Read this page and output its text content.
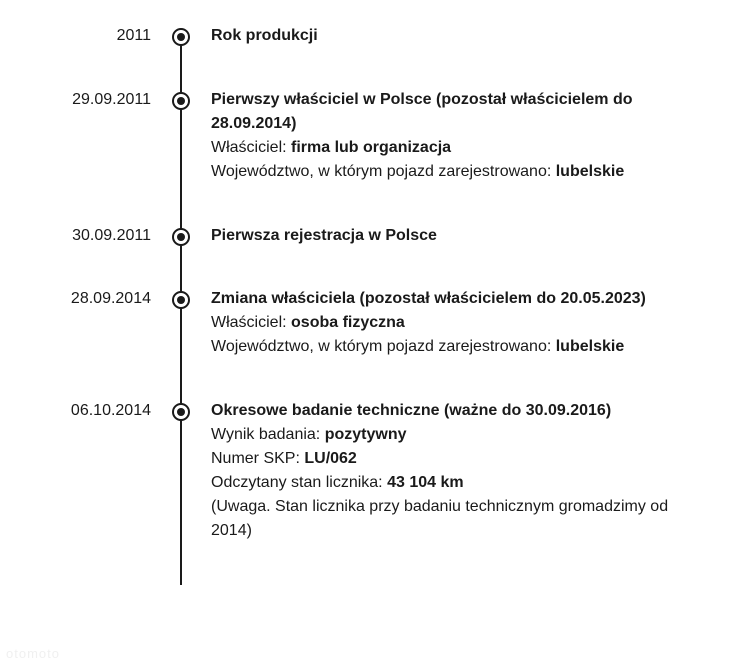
2011	Rok produkcji
29.09.2011	Pierwszy właściciel w Polsce (pozostał właścicielem do 28.09.2014)
Właściciel: firma lub organizacja
Województwo, w którym pojazd zarejestrowano: lubelskie
30.09.2011	Pierwsza rejestracja w Polsce
28.09.2014	Zmiana właściciela (pozostał właścicielem do 20.05.2023)
Właściciel: osoba fizyczna
Województwo, w którym pojazd zarejestrowano: lubelskie
06.10.2014	Okresowe badanie techniczne (ważne do 30.09.2016)
Wynik badania: pozytywny
Numer SKP: LU/062
Odczytany stan licznika: 43 104 km
(Uwaga. Stan licznika przy badaniu technicznym gromadzimy od 2014)
otomoto
